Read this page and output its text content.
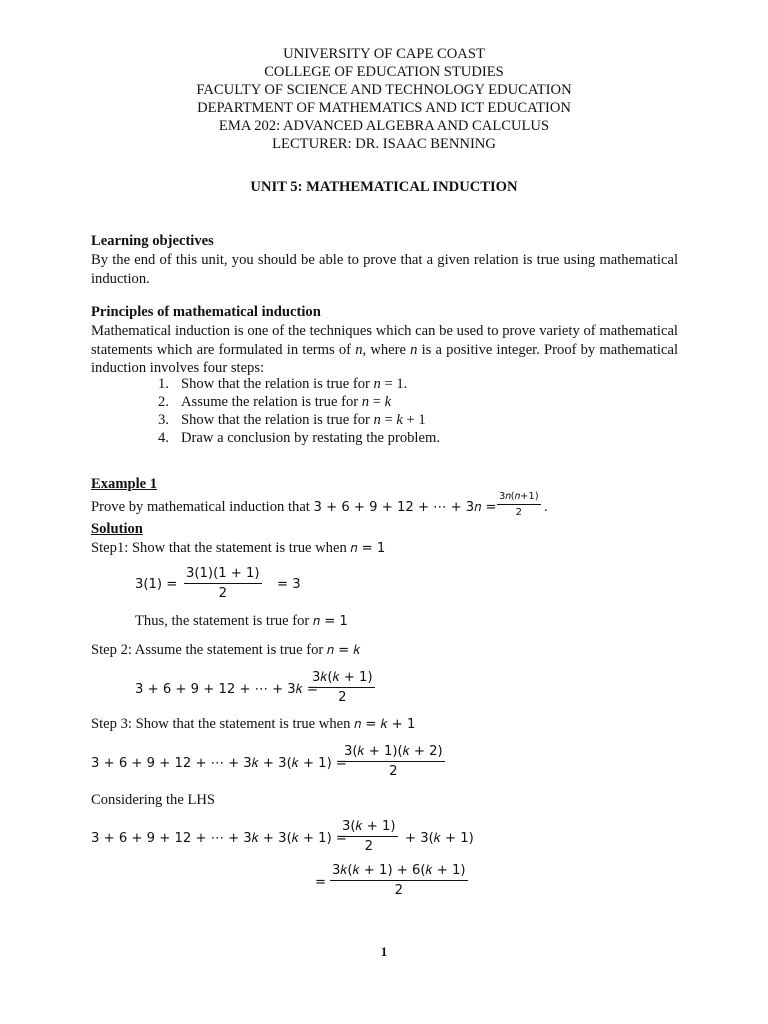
UNIVERSITY OF CAPE COAST
COLLEGE OF EDUCATION STUDIES
FACULTY OF SCIENCE AND TECHNOLOGY EDUCATION
DEPARTMENT OF MATHEMATICS AND ICT EDUCATION
EMA 202: ADVANCED ALGEBRA AND CALCULUS
LECTURER: DR. ISAAC BENNING
UNIT 5: MATHEMATICAL INDUCTION
Learning objectives
By the end of this unit, you should be able to prove that a given relation is true using mathematical induction.
Principles of mathematical induction
Mathematical induction is one of the techniques which can be used to prove variety of mathematical statements which are formulated in terms of n, where n is a positive integer. Proof by mathematical induction involves four steps:
1. Show that the relation is true for n = 1.
2. Assume the relation is true for n = k
3. Show that the relation is true for n = k + 1
4. Draw a conclusion by restating the problem.
Example 1
Prove by mathematical induction that 3 + 6 + 9 + 12 + ⋯ + 3𝑛 =
3𝑛(𝑛+1)
2	.
Solution
Step1: Show that the statement is true when 𝑛 = 1
3(1) =
3(1)(1 + 1)
2
= 3
Thus, the statement is true for 𝑛 = 1
Step 2: Assume the statement is true for 𝑛 = 𝑘
3 + 6 + 9 + 12 + ⋯ + 3𝑘 =
3𝑘(𝑘 + 1)
2
Step 3: Show that the statement is true when 𝑛 = 𝑘 + 1
3 + 6 + 9 + 12 + ⋯ + 3𝑘 + 3(𝑘 + 1) =
3(𝑘 + 1)(𝑘 + 2)
2
Considering the LHS
3 + 6 + 9 + 12 + ⋯ + 3𝑘 + 3(𝑘 + 1) =
3(𝑘 + 1)
2
+ 3(𝑘 + 1)
=
3𝑘(𝑘 + 1) + 6(𝑘 + 1)
2
1
